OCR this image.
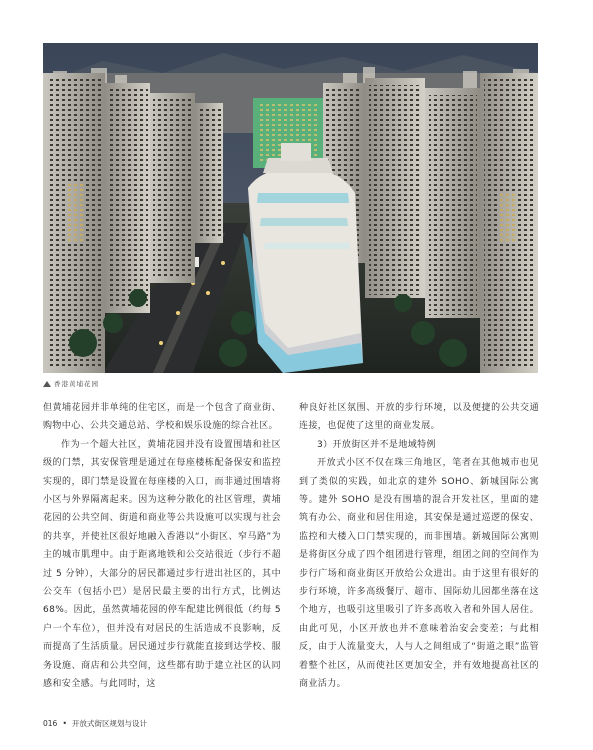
香港黄埔花园

但黄埔花园并非单纯的住宅区，而是一个包含了商业街、购物中心、公共交通总站、学校和娱乐设施的综合社区。

作为一个超大社区，黄埔花园并没有设置围墙和社区级的门禁，其安保管理是通过在每座楼栋配备保安和监控实现的，即门禁是设置在每座楼的入口，而非通过围墙将小区与外界隔离起来。因为这种分散化的社区管理，黄埔花园的公共空间、街道和商业等公共设施可以实现与社会的共享，并使社区很好地融入香港以“小街区、窄马路”为主的城市肌理中。由于距离地铁和公交站很近（步行不超过 5 分钟），大部分的居民都通过步行进出社区的，其中公交车（包括小巴）是居民最主要的出行方式，比例达 68%。因此，虽然黄埔花园的停车配建比例很低（约每 5 户一个车位），但并没有对居民的生活造成不良影响，反而提高了生活质量。居民通过步行就能直接到达学校、服务设施、商店和公共空间，这些都有助于建立社区的认同感和安全感。与此同时，这

种良好社区氛围、开放的步行环境，以及便捷的公共交通连接，也促使了这里的商业发展。

3）开放街区并不是地域特例

开放式小区不仅在珠三角地区，笔者在其他城市也见到了类似的实践，如北京的建外 SOHO、新城国际公寓等。建外 SOHO 是没有围墙的混合开发社区，里面的建筑有办公、商业和居住用途，其安保是通过巡逻的保安、监控和大楼入口门禁实现的，而非围墙。新城国际公寓则是将街区分成了四个组团进行管理，组团之间的空间作为步行广场和商业街区开放给公众进出。由于这里有很好的步行环境，许多高级餐厅、超市、国际幼儿园都坐落在这个地方，也吸引这里吸引了许多高收入者和外国人居住。由此可见，小区开放也并不意味着治安会变差；与此相反，由于人流量变大，人与人之间组成了“街道之眼”监管着整个社区，从而使社区更加安全，并有效地提高社区的商业活力。

016 • 开放式街区规划与设计
